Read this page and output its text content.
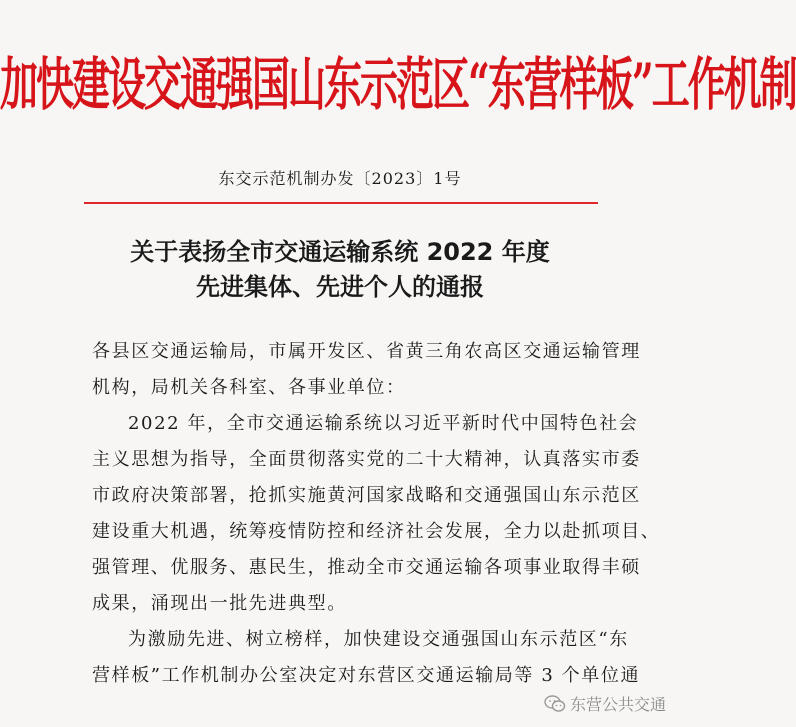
加快建设交通强国山东示范区“东营样板”工作机制
东交示范机制办发〔2023〕1号
关于表扬全市交通运输系统 2022 年度
先进集体、先进个人的通报

各县区交通运输局，市属开发区、省黄三角农高区交通运输管理

机构，局机关各科室、各事业单位：

2022 年，全市交通运输系统以习近平新时代中国特色社会

主义思想为指导，全面贯彻落实党的二十大精神，认真落实市委

市政府决策部署，抢抓实施黄河国家战略和交通强国山东示范区

建设重大机遇，统筹疫情防控和经济社会发展，全力以赴抓项目、

强管理、优服务、惠民生，推动全市交通运输各项事业取得丰硕

成果，涌现出一批先进典型。

为激励先进、树立榜样，加快建设交通强国山东示范区“东

营样板”工作机制办公室决定对东营区交通运输局等 3 个单位通

东营公共交通
